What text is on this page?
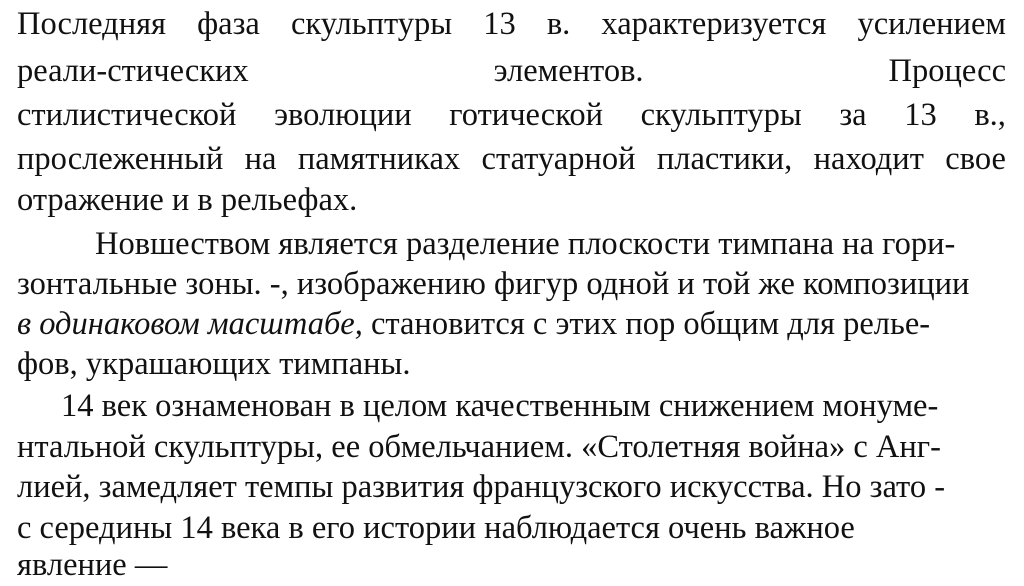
Последняя фаза скульптуры 13 в. характеризуется усилением
реали-стических	элементов.	Процесс
стилистической эволюции готической скульптуры за 13 в.,
прослеженный на памятниках статуарной пластики, находит свое
отражение и в рельефах.
Новшеством является разделение плоскости тимпана на гори-
зонтальные зоны. -, изображению фигур одной и той же композиции
в одинаковом масштабе, становится с этих пор общим для релье-
фов, украшающих тимпаны.
14 век ознаменован в целом качественным снижением монуме-
нтальной скульптуры, ее обмельчанием. «Столетняя война» с Анг-
лией, замедляет темпы развития французского искусства. Но зато -
с середины 14 века в его истории наблюдается очень важное
явление —
